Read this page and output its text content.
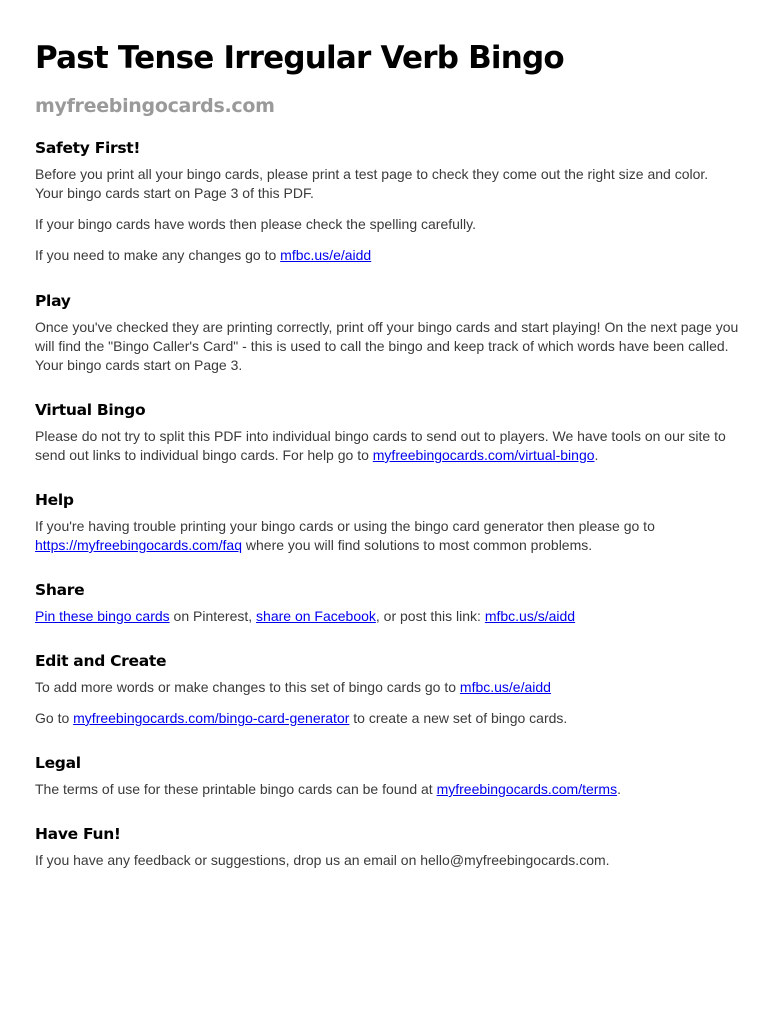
Past Tense Irregular Verb Bingo
myfreebingocards.com
Safety First!

Before you print all your bingo cards, please print a test page to check they come out the right size and color. Your bingo cards start on Page 3 of this PDF.

If your bingo cards have words then please check the spelling carefully.

If you need to make any changes go to mfbc.us/e/aidd

Play

Once you've checked they are printing correctly, print off your bingo cards and start playing! On the next page you will find the "Bingo Caller's Card" - this is used to call the bingo and keep track of which words have been called. Your bingo cards start on Page 3.

Virtual Bingo

Please do not try to split this PDF into individual bingo cards to send out to players. We have tools on our site to send out links to individual bingo cards. For help go to myfreebingocards.com/virtual-bingo.

Help

If you're having trouble printing your bingo cards or using the bingo card generator then please go to https://myfreebingocards.com/faq where you will find solutions to most common problems.

Share

Pin these bingo cards on Pinterest, share on Facebook, or post this link: mfbc.us/s/aidd

Edit and Create

To add more words or make changes to this set of bingo cards go to mfbc.us/e/aidd

Go to myfreebingocards.com/bingo-card-generator to create a new set of bingo cards.

Legal

The terms of use for these printable bingo cards can be found at myfreebingocards.com/terms.

Have Fun!

If you have any feedback or suggestions, drop us an email on hello@myfreebingocards.com.
